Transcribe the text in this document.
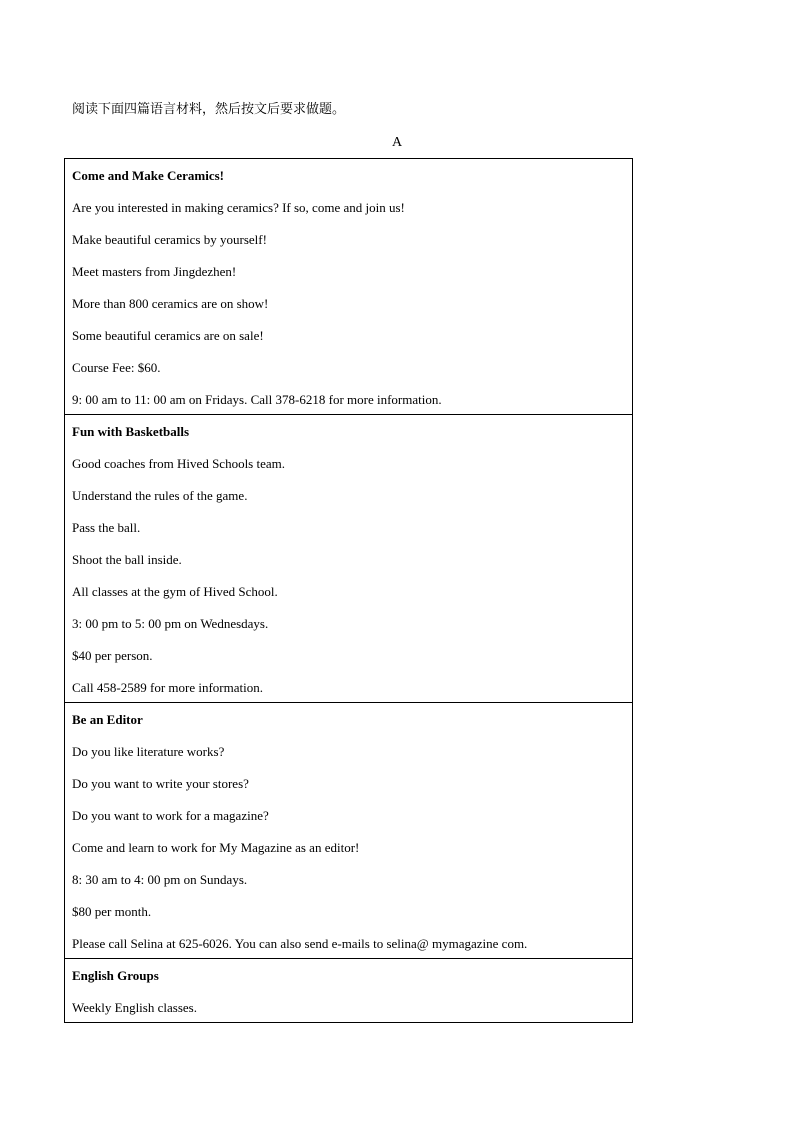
阅读下面四篇语言材料，然后按文后要求做题。
A
Come and Make Ceramics!
Are you interested in making ceramics? If so, come and join us!
Make beautiful ceramics by yourself!
Meet masters from Jingdezhen!
More than 800 ceramics are on show!
Some beautiful ceramics are on sale!
Course Fee: $60.
9: 00 am to 11: 00 am on Fridays. Call 378-6218 for more information.

Fun with Basketballs
Good coaches from Hived Schools team.
Understand the rules of the game.
Pass the ball.
Shoot the ball inside.
All classes at the gym of Hived School.
3: 00 pm to 5: 00 pm on Wednesdays.
$40 per person.
Call 458-2589 for more information.

Be an Editor
Do you like literature works?
Do you want to write your stores?
Do you want to work for a magazine?
Come and learn to work for My Magazine as an editor!
8: 30 am to 4: 00 pm on Sundays.
$80 per month.
Please call Selina at 625-6026. You can also send e-mails to selina@ mymagazine com.

English Groups
Weekly English classes.
